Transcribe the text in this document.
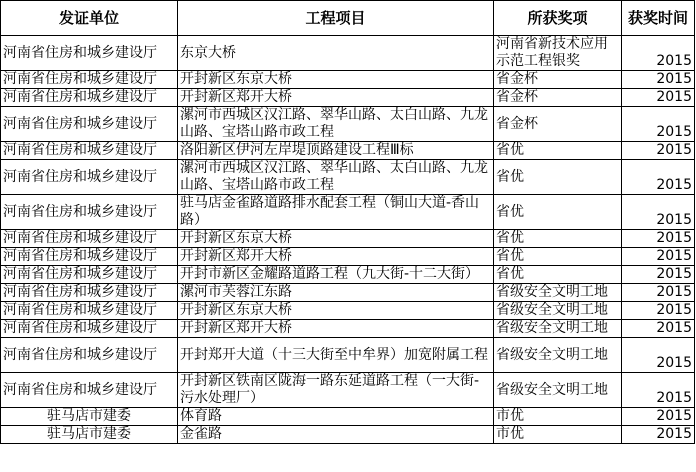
发证单位	工程项目	所获奖项	获奖时间
河南省住房和城乡建设厅	东京大桥	河南省新技术应用示范工程银奖	2015
河南省住房和城乡建设厅	开封新区东京大桥	省金杯	2015
河南省住房和城乡建设厅	开封新区郑开大桥	省金杯	2015
河南省住房和城乡建设厅	漯河市西城区汉江路、翠华山路、太白山路、九龙山路、宝塔山路市政工程	省金杯	2015
河南省住房和城乡建设厅	洛阳新区伊河左岸堤顶路建设工程Ⅲ标	省优	2015
河南省住房和城乡建设厅	漯河市西城区汉江路、翠华山路、太白山路、九龙山路、宝塔山路市政工程	省优	2015
河南省住房和城乡建设厅	驻马店金雀路道路排水配套工程（铜山大道-香山路）	省优	2015
河南省住房和城乡建设厅	开封新区东京大桥	省优	2015
河南省住房和城乡建设厅	开封新区郑开大桥	省优	2015
河南省住房和城乡建设厅	开封市新区金耀路道路工程（九大街-十二大街）	省优	2015
河南省住房和城乡建设厅	漯河市芙蓉江东路	省级安全文明工地	2015
河南省住房和城乡建设厅	开封新区东京大桥	省级安全文明工地	2015
河南省住房和城乡建设厅	开封新区郑开大桥	省级安全文明工地	2015
河南省住房和城乡建设厅	开封郑开大道（十三大街至中牟界）加宽附属工程	省级安全文明工地	2015
河南省住房和城乡建设厅	开封新区铁南区陇海一路东延道路工程（一大街-污水处理厂）	省级安全文明工地	2015
驻马店市建委	体育路	市优	2015
驻马店市建委	金雀路	市优	2015
